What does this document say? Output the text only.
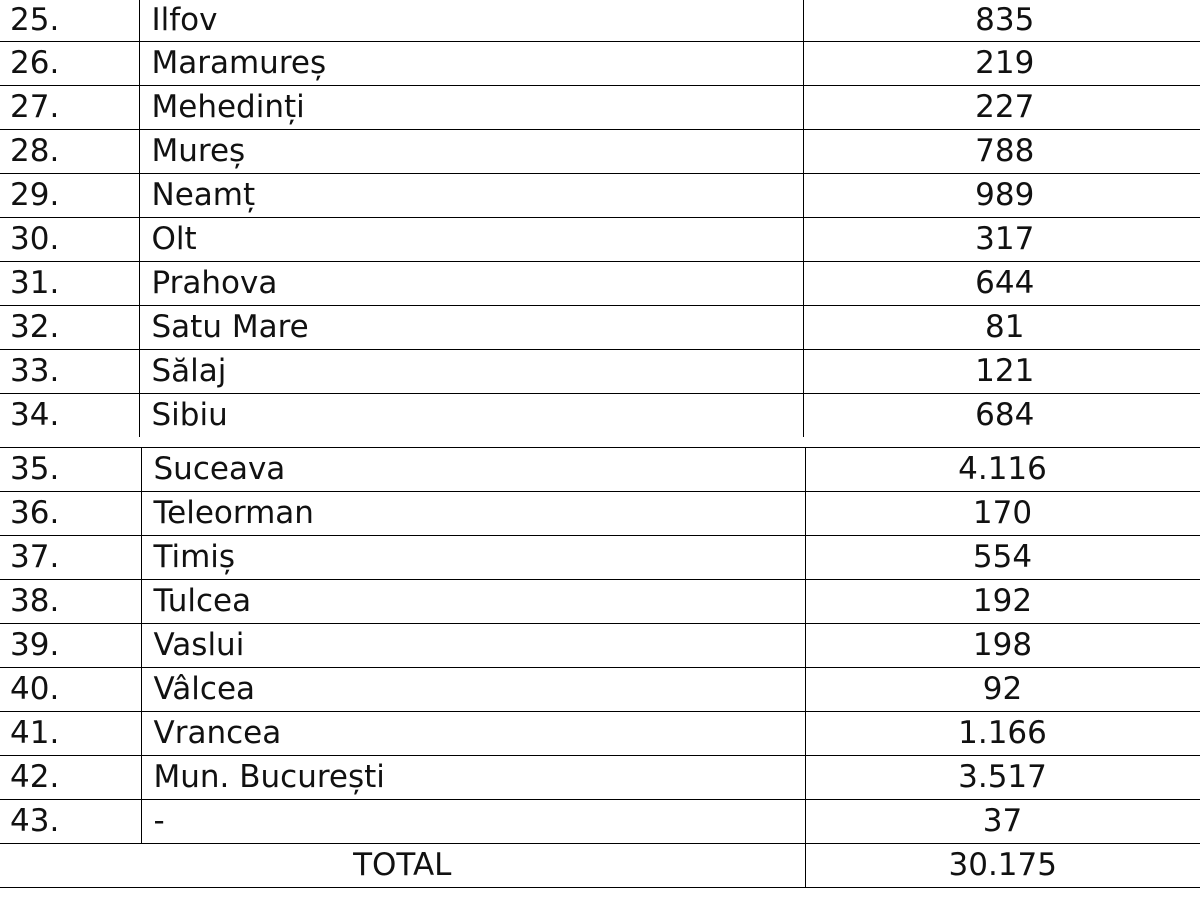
25.	Ilfov	835
26.	Maramureș	219
27.	Mehedinți	227
28.	Mureș	788
29.	Neamț	989
30.	Olt	317
31.	Prahova	644
32.	Satu Mare	81
33.	Sălaj	121
34.	Sibiu	684
35.	Suceava	4.116
36.	Teleorman	170
37.	Timiș	554
38.	Tulcea	192
39.	Vaslui	198
40.	Vâlcea	92
41.	Vrancea	1.166
42.	Mun. București	3.517
43.	-	37
TOTAL		30.175
